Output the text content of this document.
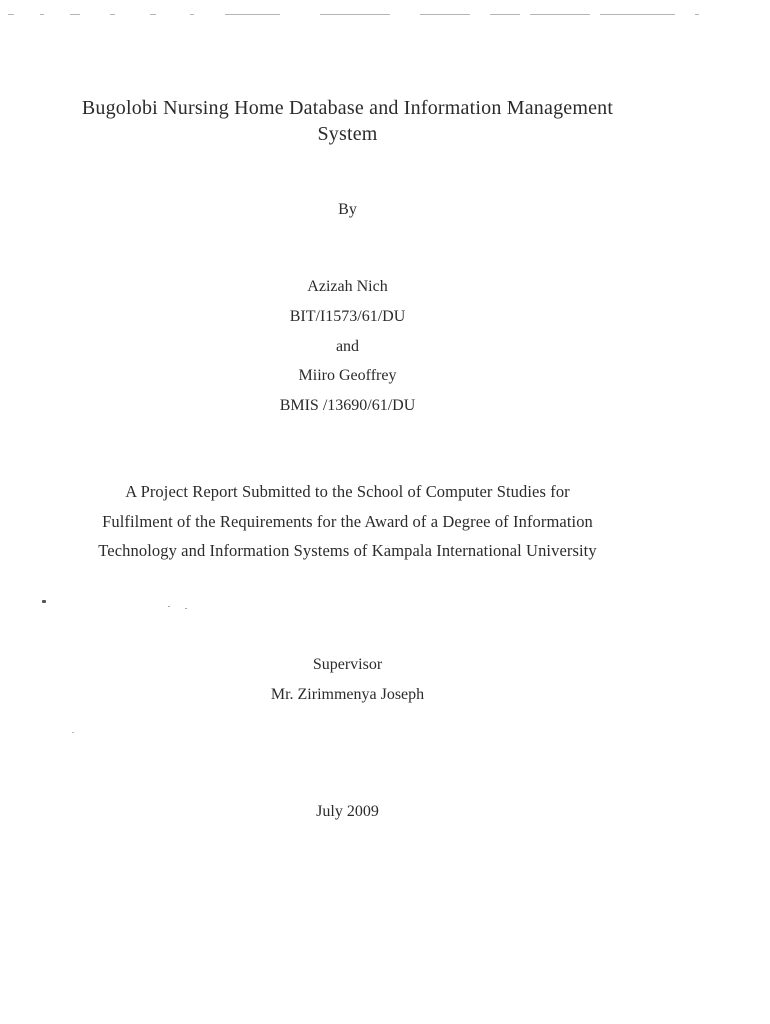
Bugolobi Nursing Home Database and Information Management
System
By
Azizah Nich
BIT/I1573/61/DU
and
Miiro Geoffrey
BMIS /13690/61/DU
A Project Report Submitted to the School of Computer Studies for
Fulfilment of the Requirements for the Award of a Degree of Information
Technology and Information Systems of Kampala International University
Supervisor
Mr. Zirimmenya Joseph
July 2009
